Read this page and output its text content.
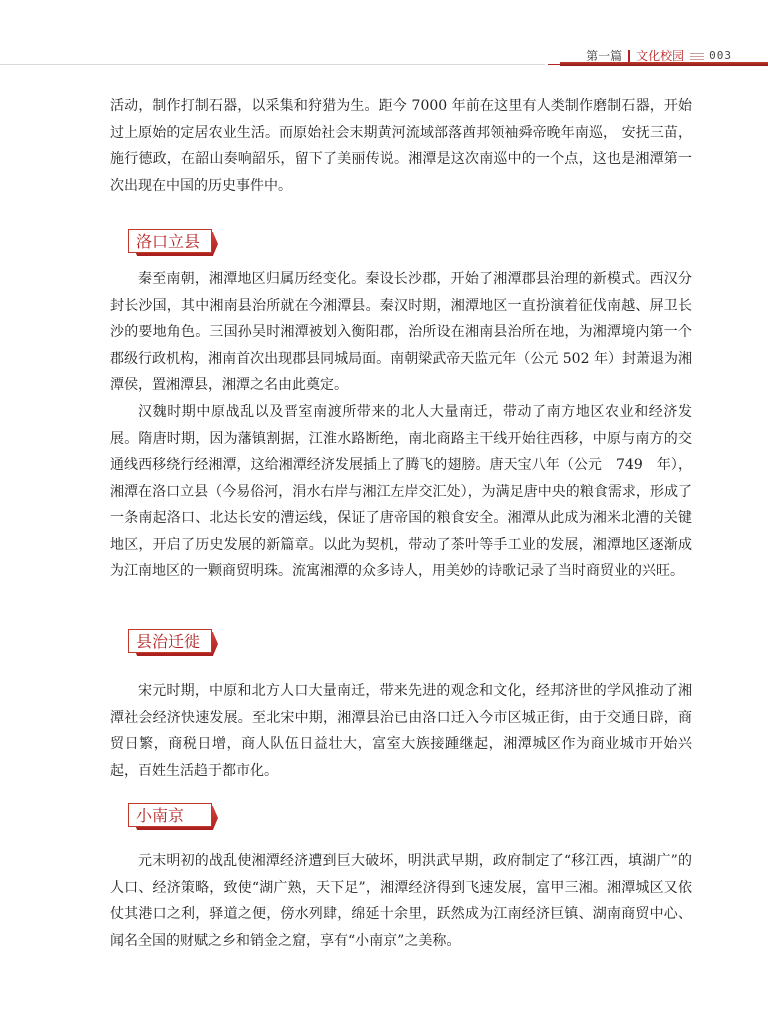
第一篇 文化校园 003

活动，制作打制石器，以采集和狩猎为生。距今 7000 年前在这里有人类制作磨制石器，开始过上原始的定居农业生活。而原始社会末期黄河流域部落酋邦领袖舜帝晚年南巡， 安抚三苗，施行德政，在韶山奏响韶乐，留下了美丽传说。湘潭是这次南巡中的一个点，这也是湘潭第一次出现在中国的历史事件中。

洛口立县

秦至南朝，湘潭地区归属历经变化。秦设长沙郡，开始了湘潭郡县治理的新模式。西汉分封长沙国，其中湘南县治所就在今湘潭县。秦汉时期，湘潭地区一直扮演着征伐南越、屏卫长沙的要地角色。三国孙吴时湘潭被划入衡阳郡，治所设在湘南县治所在地，为湘潭境内第一个郡级行政机构，湘南首次出现郡县同城局面。南朝梁武帝天监元年（公元 502 年）封萧退为湘潭侯，置湘潭县，湘潭之名由此奠定。

汉魏时期中原战乱以及晋室南渡所带来的北人大量南迁，带动了南方地区农业和经济发展。隋唐时期，因为藩镇割据，江淮水路断绝，南北商路主干线开始往西移，中原与南方的交通线西移绕行经湘潭，这给湘潭经济发展插上了腾飞的翅膀。唐天宝八年（公元　749　年），湘潭在洛口立县（今易俗河，涓水右岸与湘江左岸交汇处），为满足唐中央的粮食需求，形成了一条南起洛口、北达长安的漕运线，保证了唐帝国的粮食安全。湘潭从此成为湘米北漕的关键地区，开启了历史发展的新篇章。以此为契机，带动了茶叶等手工业的发展，湘潭地区逐渐成为江南地区的一颗商贸明珠。流寓湘潭的众多诗人，用美妙的诗歌记录了当时商贸业的兴旺。

县治迁徙

宋元时期，中原和北方人口大量南迁，带来先进的观念和文化，经邦济世的学风推动了湘潭社会经济快速发展。至北宋中期，湘潭县治已由洛口迁入今市区城正街，由于交通日辟，商贸日繁，商税日增，商人队伍日益壮大，富室大族接踵继起，湘潭城区作为商业城市开始兴起，百姓生活趋于都市化。

小南京

元末明初的战乱使湘潭经济遭到巨大破坏，明洪武早期，政府制定了“移江西，填湖广”的人口、经济策略，致使“湖广熟，天下足”，湘潭经济得到飞速发展，富甲三湘。湘潭城区又依仗其港口之利，驿道之便，傍水列肆，绵延十余里，跃然成为江南经济巨镇、湖南商贸中心、闻名全国的财赋之乡和销金之窟，享有“小南京”之美称。
